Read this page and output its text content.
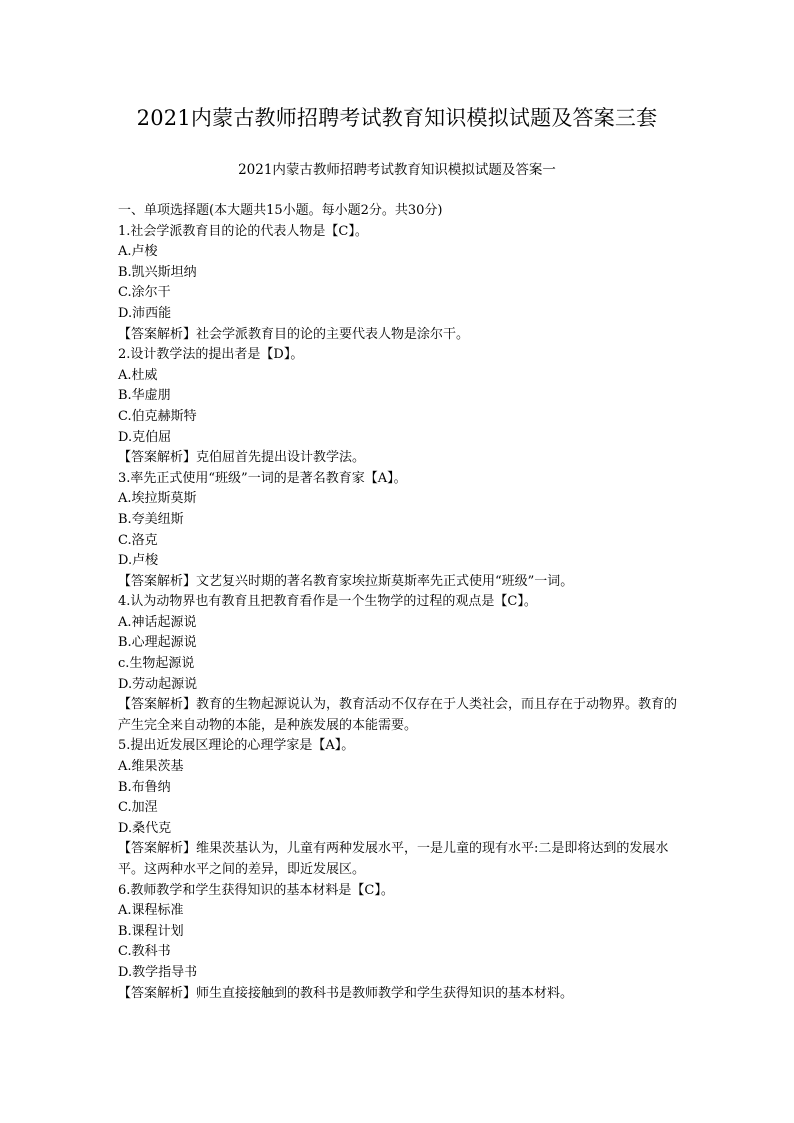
2021内蒙古教师招聘考试教育知识模拟试题及答案三套
2021内蒙古教师招聘考试教育知识模拟试题及答案一
一、单项选择题(本大题共15小题。每小题2分。共30分)
1.社会学派教育目的论的代表人物是【C】。
A.卢梭
B.凯兴斯坦纳
C.涂尔干
D.沛西能
【答案解析】社会学派教育目的论的主要代表人物是涂尔干。
2.设计教学法的提出者是【D】。
A.杜威
B.华虚朋
C.伯克赫斯特
D.克伯屈
【答案解析】克伯屈首先提出设计教学法。
3.率先正式使用“班级”一词的是著名教育家【A】。
A.埃拉斯莫斯
B.夸美纽斯
C.洛克
D.卢梭
【答案解析】文艺复兴时期的著名教育家埃拉斯莫斯率先正式使用“班级”一词。
4.认为动物界也有教育且把教育看作是一个生物学的过程的观点是【C】。
A.神话起源说
B.心理起源说
c.生物起源说
D.劳动起源说
【答案解析】教育的生物起源说认为，教育活动不仅存在于人类社会，而且存在于动物界。教育的产生完全来自动物的本能，是种族发展的本能需要。
5.提出近发展区理论的心理学家是【A】。
A.维果茨基
B.布鲁纳
C.加涅
D.桑代克
【答案解析】维果茨基认为，儿童有两种发展水平，一是儿童的现有水平:二是即将达到的发展水平。这两种水平之间的差异，即近发展区。
6.教师教学和学生获得知识的基本材料是【C】。
A.课程标准
B.课程计划
C.教科书
D.教学指导书
【答案解析】师生直接接触到的教科书是教师教学和学生获得知识的基本材料。
